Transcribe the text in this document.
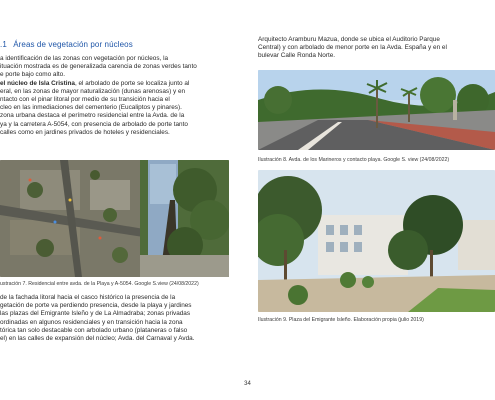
.1 Áreas de vegetación por núcleos

a identificación de las zonas con vegetación por núcleos, la
ituación mostrada es de generalizada carencia de zonas verdes tanto
e porte bajo como alto.
el núcleo de Isla Cristina, el arbolado de porte se localiza junto al
eral, en las zonas de mayor naturalización (dunas arenosas) y en
ntacto con el pinar litoral por medio de su transición hacia el
cleo en las inmediaciones del cementerio (Eucaliptos y pinares).
zona urbana destaca el perímetro residencial entre la Avda. de la
ya y la carretera A-5054, con presencia de arbolado de porte tanto
calles como en jardines privados de hoteles y residenciales.

ustración 7. Residencial entre avda. de la Playa y A-5054. Google S.view (24/08/2022)

de la fachada litoral hacia el casco histórico la presencia de la
getación de porte va perdiendo presencia, desde la playa y jardines
las plazas del Emigrante Isleño y de La Almadraba; zonas privadas
ordinadas en algunos residenciales y en transición hacia la zona
tórica tan solo destacable con arbolado urbano (plataneras o falso
el) en las calles de expansión del núcleo; Avda. del Carnaval y Avda.

Arquitecto Aramburu Mazua, donde se ubica el Auditorio Parque
Central) y con arbolado de menor porte en la Avda. España y en el
bulevar Calle Ronda Norte.

Ilustración 8. Avda. de los Marineros y contacto playa. Google S. view (24/08/2022)
Ilustración 9. Plaza del Emigrante Isleño. Elaboración propia (julio 2019)
34
